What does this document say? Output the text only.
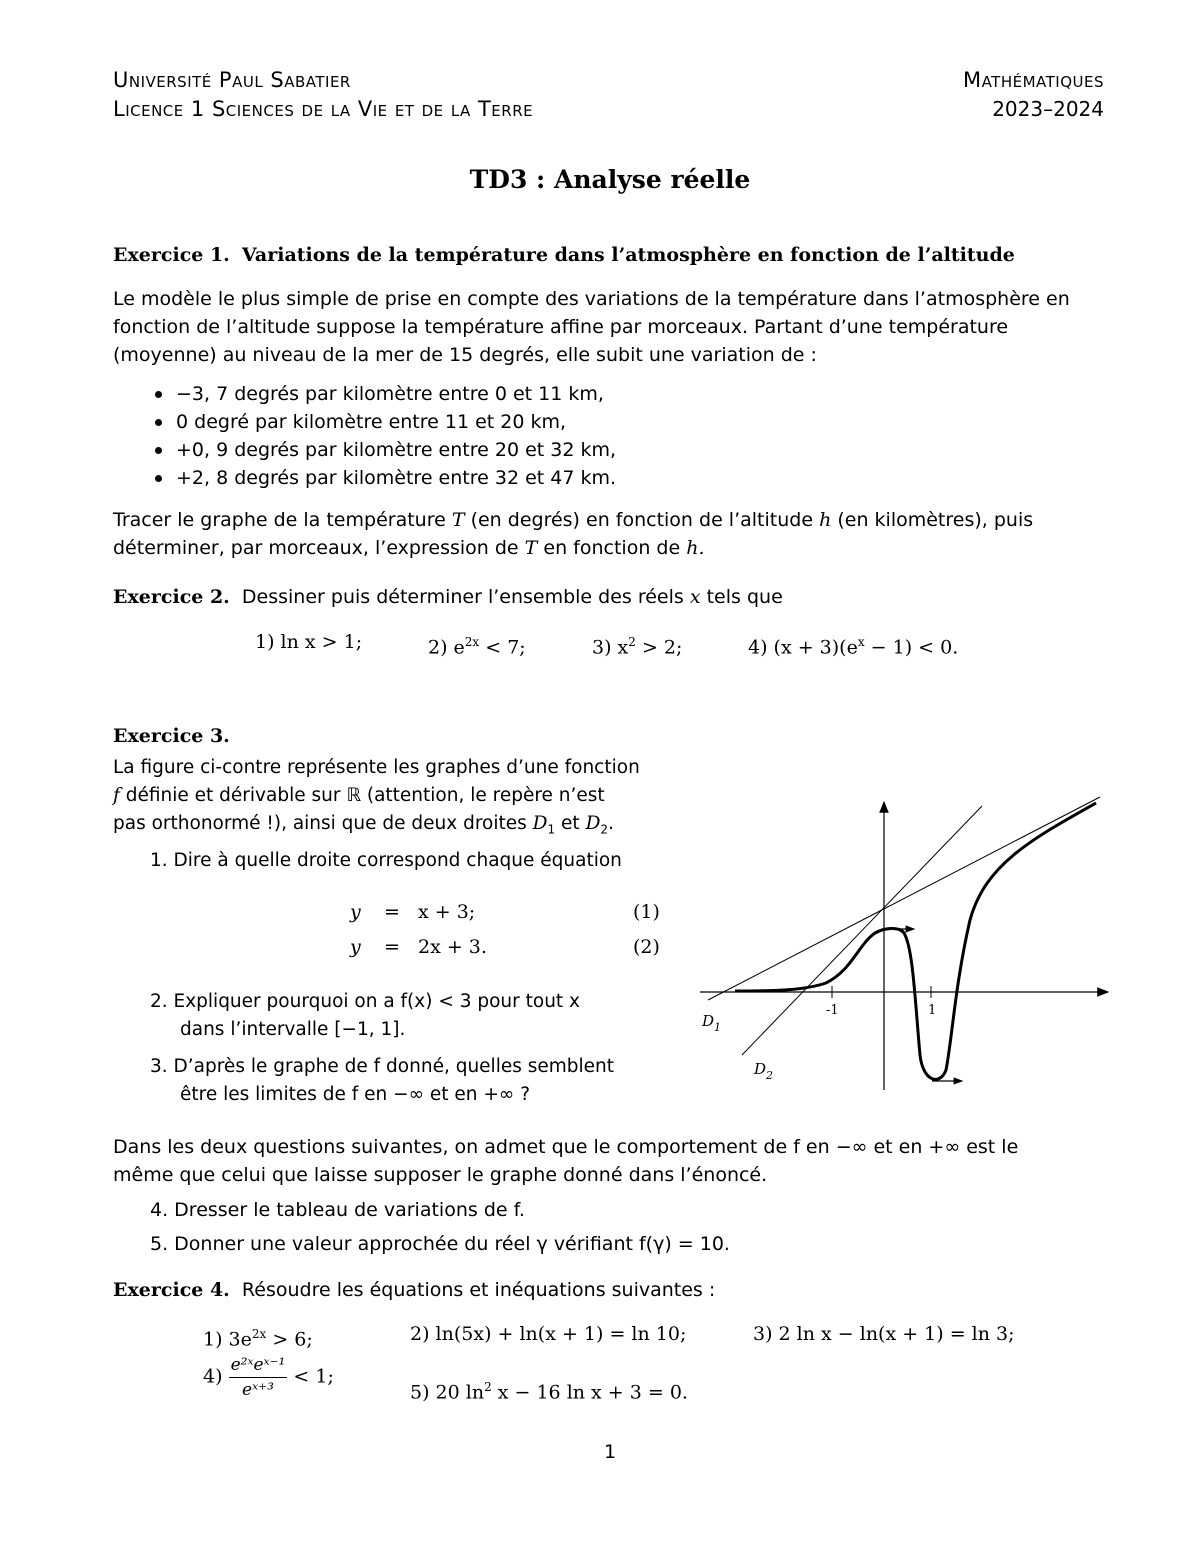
Université Paul Sabatier
Licence 1 Sciences de la Vie et de la Terre
Mathématiques
2023–2024
TD3 : Analyse réelle
Exercice 1. Variations de la température dans l’atmosphère en fonction de l’altitude
Le modèle le plus simple de prise en compte des variations de la température dans l’atmosphère en
fonction de l’altitude suppose la température affine par morceaux. Partant d’une température
(moyenne) au niveau de la mer de 15 degrés, elle subit une variation de :
−3, 7 degrés par kilomètre entre 0 et 11 km,
0 degré par kilomètre entre 11 et 20 km,
+0, 9 degrés par kilomètre entre 20 et 32 km,
+2, 8 degrés par kilomètre entre 32 et 47 km.
Tracer le graphe de la température T (en degrés) en fonction de l’altitude h (en kilomètres), puis
déterminer, par morceaux, l’expression de T en fonction de h.
Exercice 2. Dessiner puis déterminer l’ensemble des réels x tels que
1) ln x > 1;	2) $e^{2x} < 7$;	3) $x^2 > 2$;	4) $(x + 3)(e^x - 1) < 0$.
Exercice 3.
La figure ci-contre représente les graphes d’une fonction
f définie et dérivable sur ℝ (attention, le repère n’est
pas orthonormé !), ainsi que de deux droites $D_1$ et $D_2$.
1. Dire à quelle droite correspond chaque équation
y = x + 3;	(1)
y = 2x + 3.	(2)
2. Expliquer pourquoi on a f(x) < 3 pour tout x
dans l’intervalle [−1, 1].
3. D’après le graphe de f donné, quelles semblent
être les limites de f en −∞ et en +∞ ?
-1	1
$D_1$
$D_2$
Dans les deux questions suivantes, on admet que le comportement de f en −∞ et en +∞ est le
même que celui que laisse supposer le graphe donné dans l’énoncé.
4. Dresser le tableau de variations de f.
5. Donner une valeur approchée du réel γ vérifiant f(γ) = 10.
Exercice 4. Résoudre les équations et inéquations suivantes :
1) $3e^{2x} > 6$;	2) ln(5x) + ln(x + 1) = ln 10;	3) 2 ln x − ln(x + 1) = ln 3;
$4) \frac{\text{e²ˣeˣ⁻¹}}{\text{eˣ⁺³}} < 1$;
5) 20 $\ln^2 x - 16$ ln x + 3 = 0.
1
